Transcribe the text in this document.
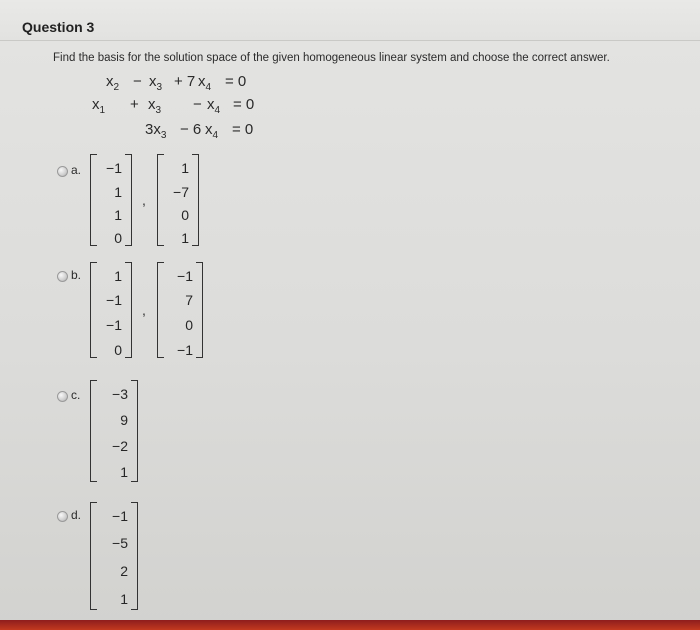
Question 3
Find the basis for the solution space of the given homogeneous linear system and choose the correct answer.
$x_2 - x_3 + 7$ $x_4 = 0$
$x_1 + x_3 - x_4 = 0$
$3x_3 - 6$ $x_4 = 0$
a. −1
1
1
0
,
1
−7
0
1
b. 1
−1
−1
0
,
−1
7
0
−1
c. −3
9
−2
1
d. −1
−5
2
1
